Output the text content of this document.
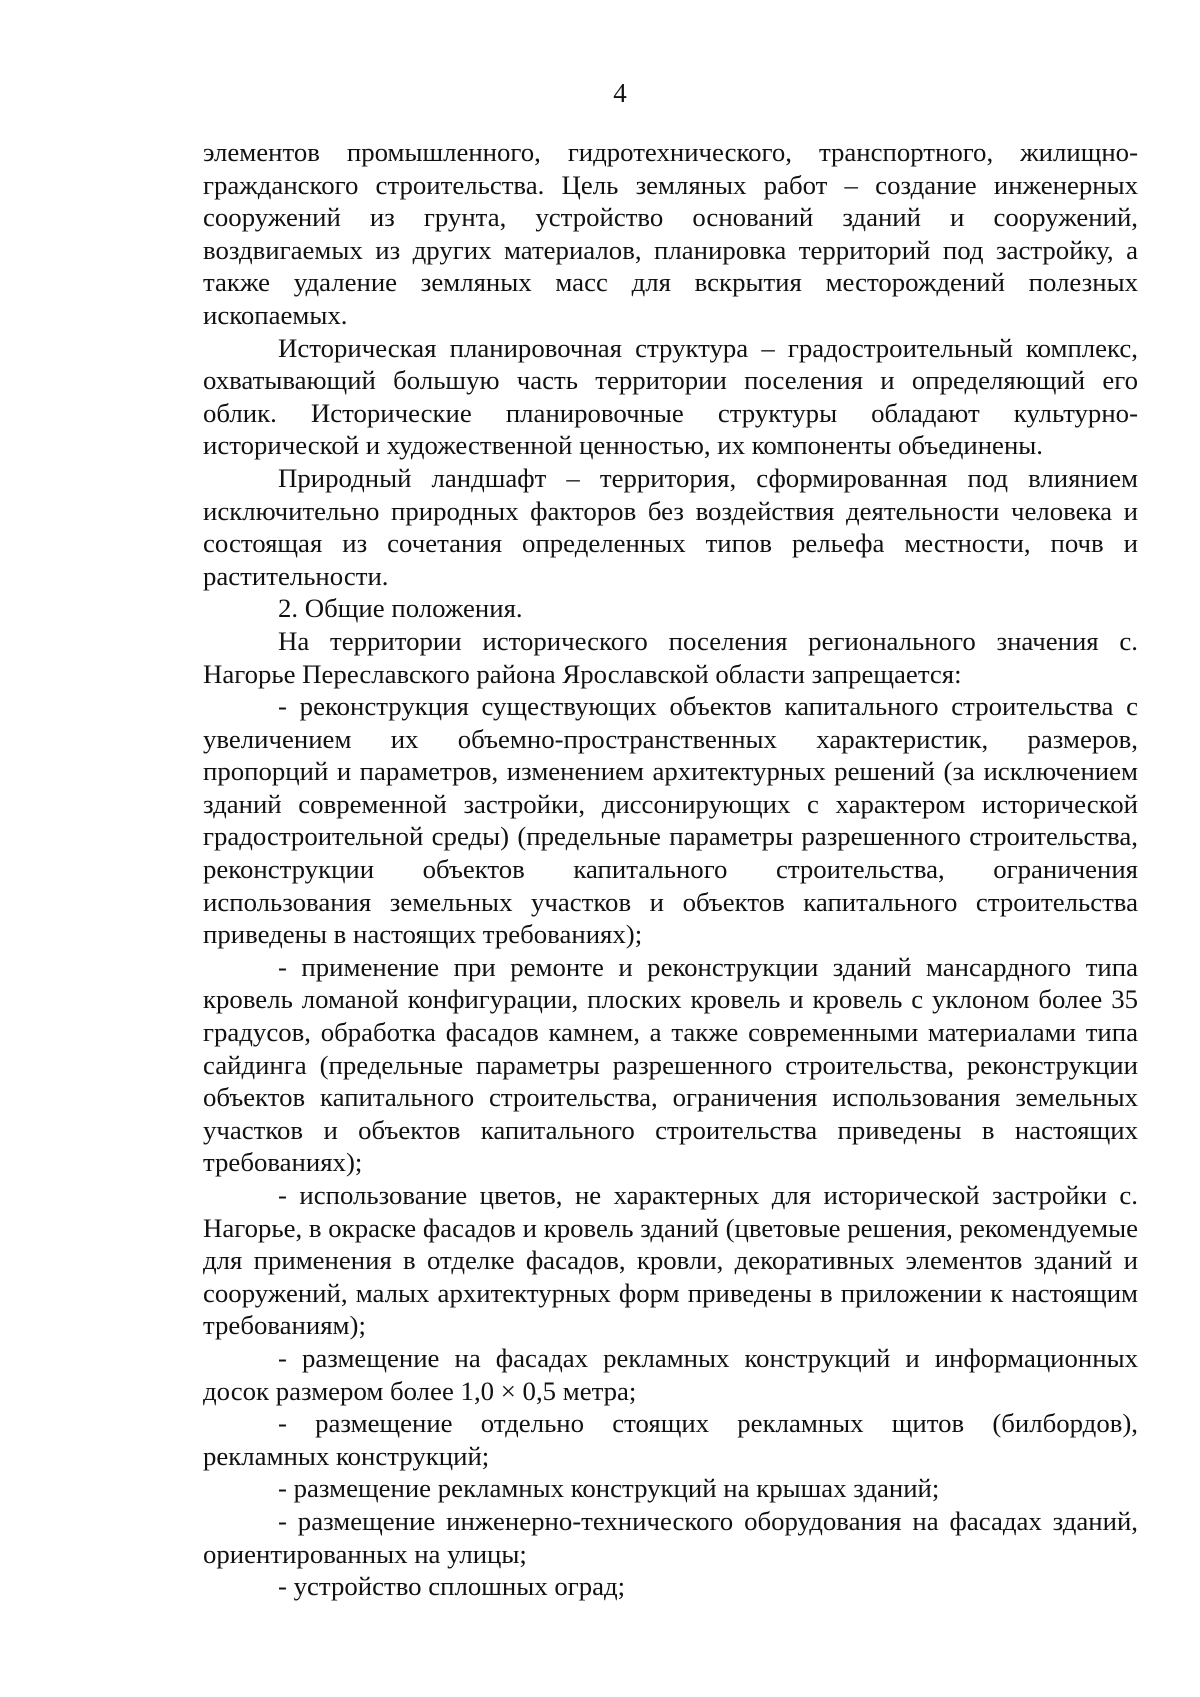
4

элементов промышленного, гидротехнического, транспортного, жилищно-гражданского строительства. Цель земляных работ – создание инженерных сооружений из грунта, устройство оснований зданий и сооружений, воздвигаемых из других материалов, планировка территорий под застройку, а также удаление земляных масс для вскрытия месторождений полезных ископаемых.

Историческая планировочная структура – градостроительный комплекс, охватывающий большую часть территории поселения и определяющий его облик. Исторические планировочные структуры обладают культурно-исторической и художественной ценностью, их компоненты объединены.

Природный ландшафт – территория, сформированная под влиянием исключительно природных факторов без воздействия деятельности человека и состоящая из сочетания определенных типов рельефа местности, почв и растительности.

2. Общие положения.

На территории исторического поселения регионального значения с. Нагорье Переславского района Ярославской области запрещается:

- реконструкция существующих объектов капитального строительства с увеличением их объемно-пространственных характеристик, размеров, пропорций и параметров, изменением архитектурных решений (за исключением зданий современной застройки, диссонирующих с характером исторической градостроительной среды) (предельные параметры разрешенного строительства, реконструкции объектов капитального строительства, ограничения использования земельных участков и объектов капитального строительства приведены в настоящих требованиях);

- применение при ремонте и реконструкции зданий мансардного типа кровель ломаной конфигурации, плоских кровель и кровель с уклоном более 35 градусов, обработка фасадов камнем, а также современными материалами типа сайдинга (предельные параметры разрешенного строительства, реконструкции объектов капитального строительства, ограничения использования земельных участков и объектов капитального строительства приведены в настоящих требованиях);

- использование цветов, не характерных для исторической застройки с. Нагорье, в окраске фасадов и кровель зданий (цветовые решения, рекомендуемые для применения в отделке фасадов, кровли, декоративных элементов зданий и сооружений, малых архитектурных форм приведены в приложении к настоящим требованиям);

- размещение на фасадах рекламных конструкций и информационных досок размером более 1,0 × 0,5 метра;

- размещение отдельно стоящих рекламных щитов (билбордов), рекламных конструкций;

- размещение рекламных конструкций на крышах зданий;

- размещение инженерно-технического оборудования на фасадах зданий, ориентированных на улицы;

- устройство сплошных оград;
